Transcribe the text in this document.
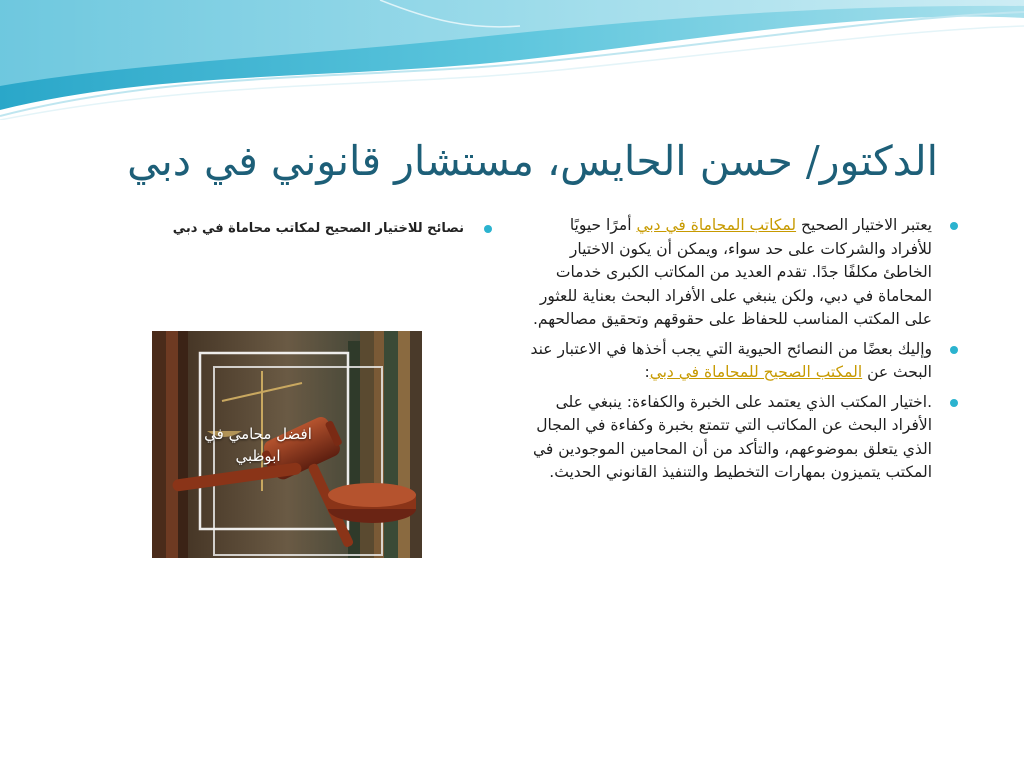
الدكتور/ حسن الحايس، مستشار قانوني في دبي
يعتبر الاختيار الصحيح لمكاتب المحاماة في دبي أمرًا حيويًا للأفراد والشركات على حد سواء، ويمكن أن يكون الاختيار الخاطئ مكلفًا جدًا. تقدم العديد من المكاتب الكبرى خدمات المحاماة في دبي، ولكن ينبغي على الأفراد البحث بعناية للعثور على المكتب المناسب للحفاظ على حقوقهم وتحقيق مصالحهم.
وإليك بعضًا من النصائح الحيوية التي يجب أخذها في الاعتبار عند البحث عن المكتب الصحيح للمحاماة في دبي:
.اختيار المكتب الذي يعتمد على الخبرة والكفاءة: ينبغي على الأفراد البحث عن المكاتب التي تتمتع بخبرة وكفاءة في المجال الذي يتعلق بموضوعهم، والتأكد من أن المحامين الموجودين في المكتب يتميزون بمهارات التخطيط والتنفيذ القانوني الحديث.
نصائح للاختيار الصحيح لمكاتب محاماة في دبي
افضل محامي في ابوظبي
